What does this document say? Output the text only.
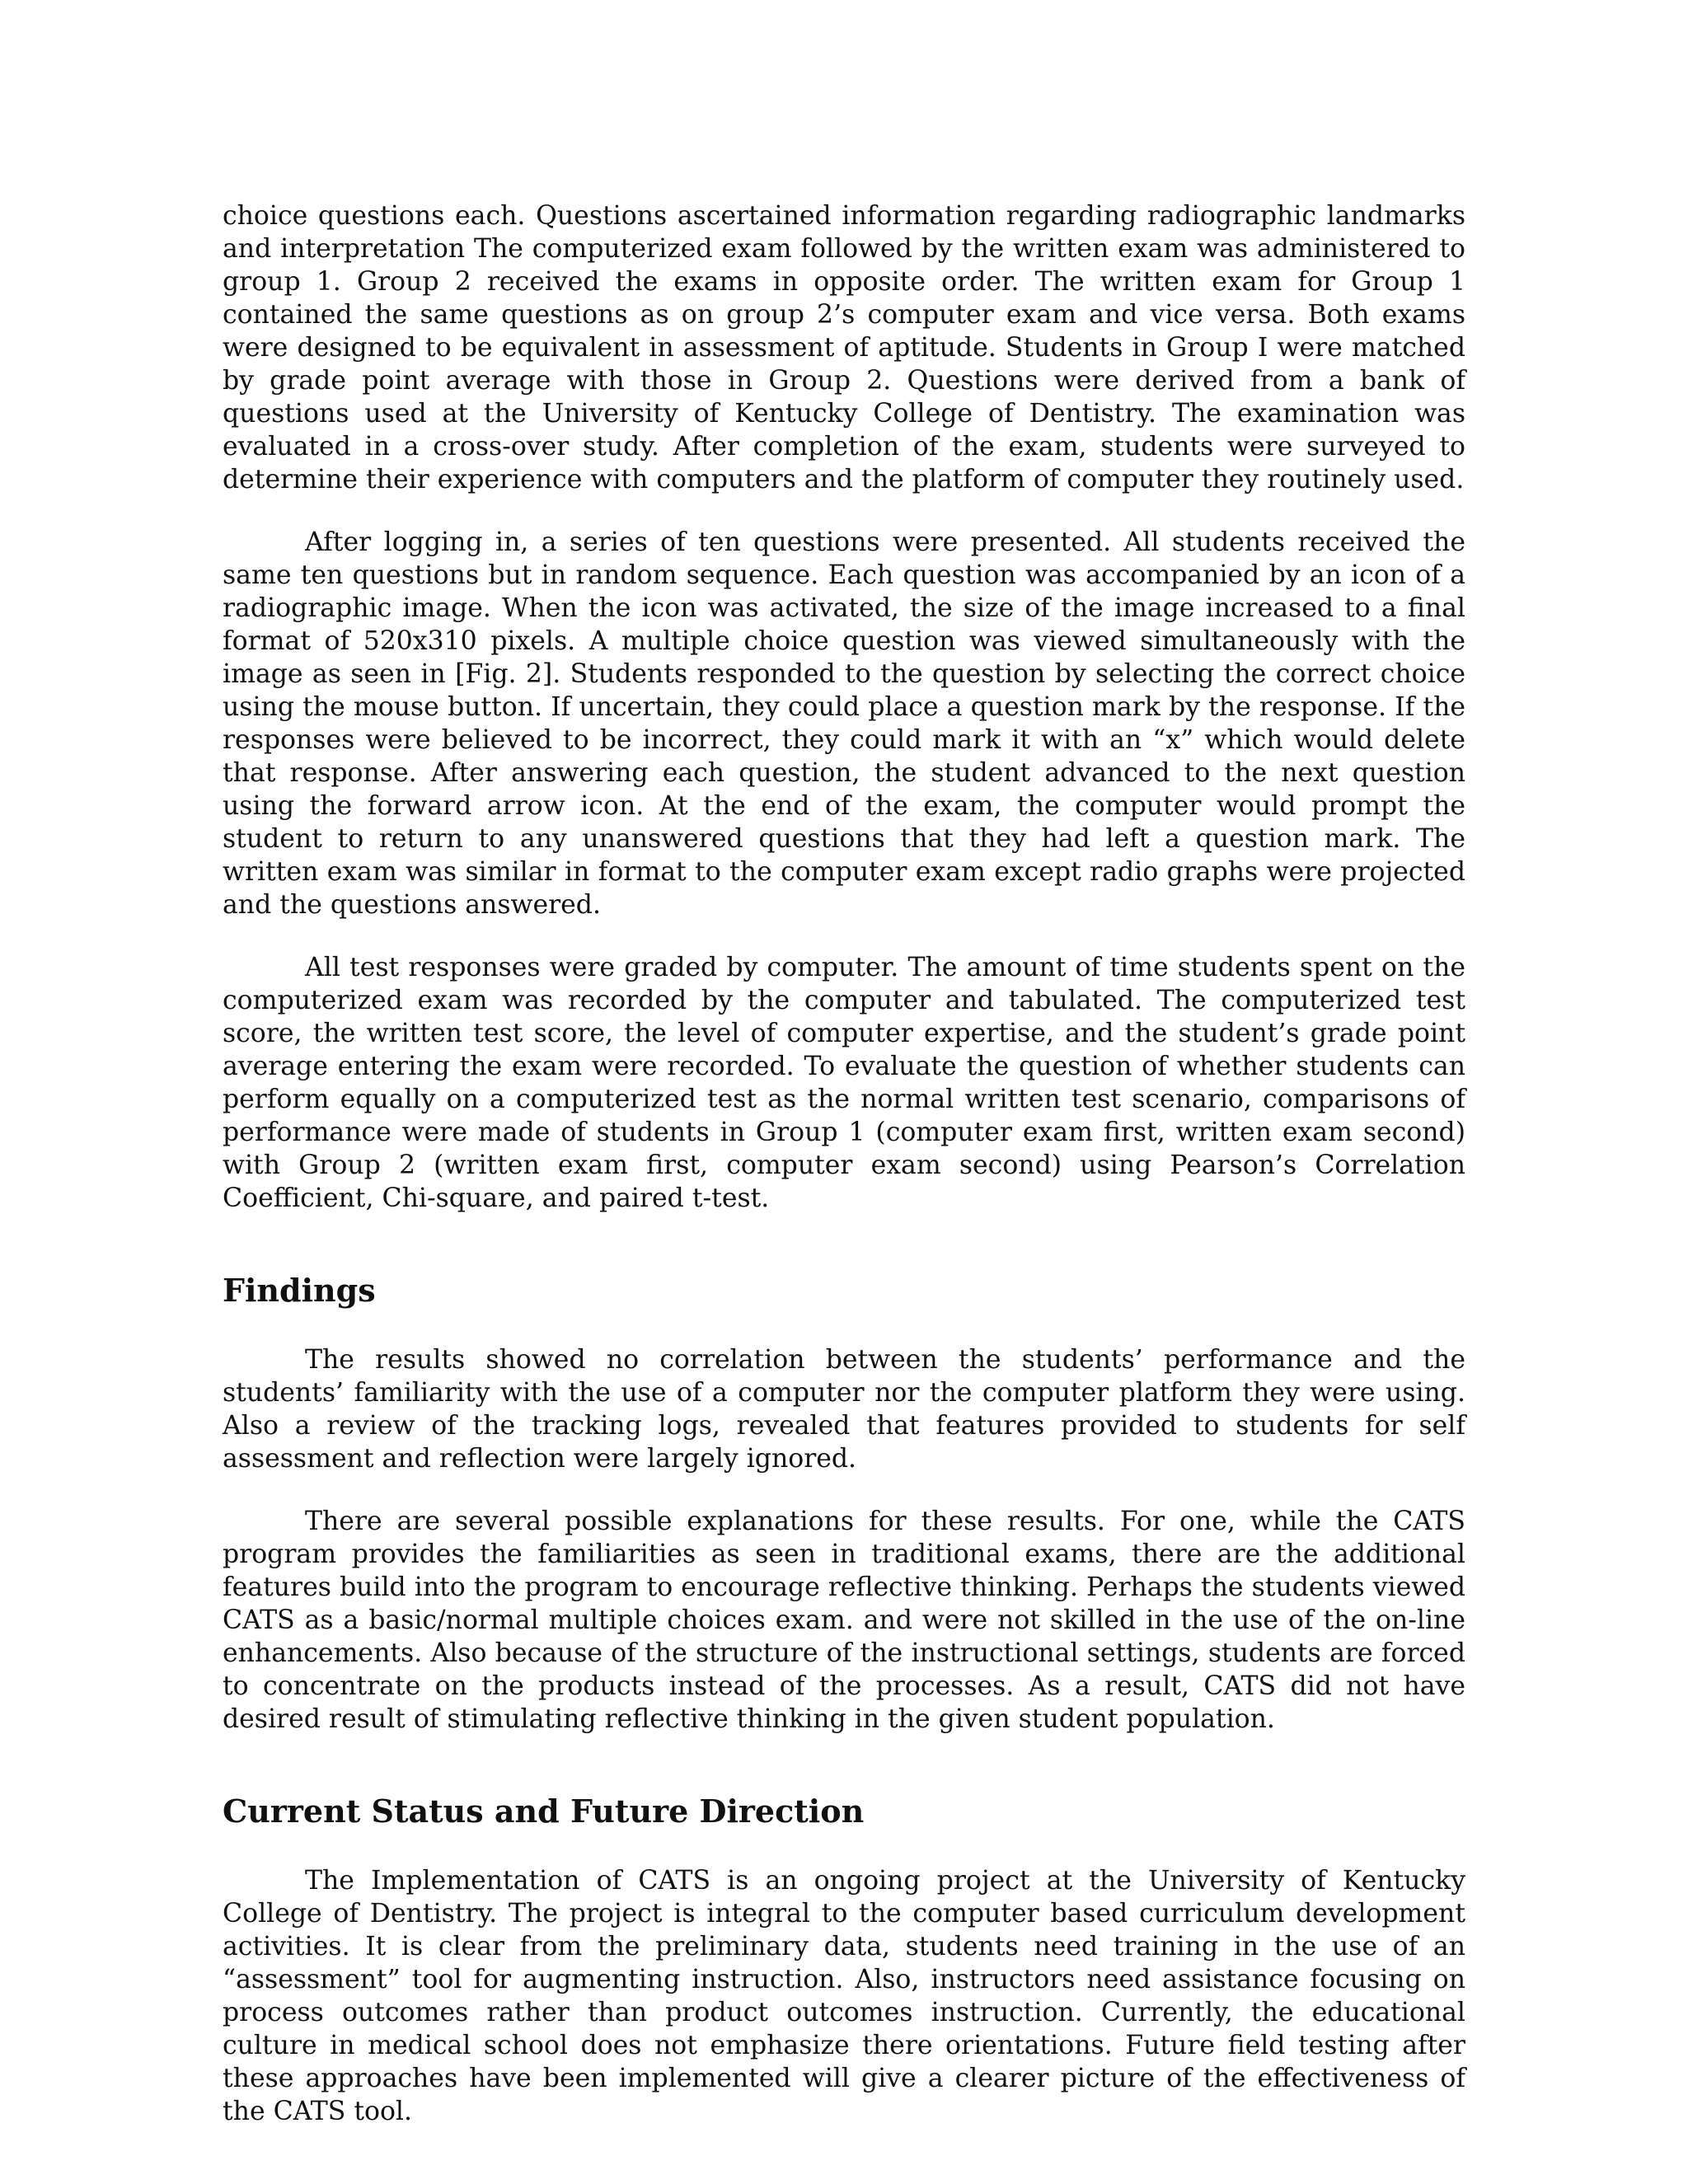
choice questions each. Questions ascertained information regarding radiographic landmarks and interpretation The computerized exam followed by the written exam was administered to group 1. Group 2 received the exams in opposite order. The written exam for Group 1 contained the same questions as on group 2’s computer exam and vice versa. Both exams were designed to be equivalent in assessment of aptitude. Students in Group I were matched by grade point average with those in Group 2. Questions were derived from a bank of questions used at the University of Kentucky College of Dentistry. The examination was evaluated in a cross-over study. After completion of the exam, students were surveyed to determine their experience with computers and the platform of computer they routinely used.

After logging in, a series of ten questions were presented. All students received the same ten questions but in random sequence. Each question was accompanied by an icon of a radiographic image. When the icon was activated, the size of the image increased to a final format of 520x310 pixels. A multiple choice question was viewed simultaneously with the image as seen in [Fig. 2]. Students responded to the question by selecting the correct choice using the mouse button. If uncertain, they could place a question mark by the response. If the responses were believed to be incorrect, they could mark it with an “x” which would delete that response. After answering each question, the student advanced to the next question using the forward arrow icon. At the end of the exam, the computer would prompt the student to return to any unanswered questions that they had left a question mark. The written exam was similar in format to the computer exam except radio graphs were projected and the questions answered.

All test responses were graded by computer. The amount of time students spent on the computerized exam was recorded by the computer and tabulated. The computerized test score, the written test score, the level of computer expertise, and the student’s grade point average entering the exam were recorded. To evaluate the question of whether students can perform equally on a computerized test as the normal written test scenario, comparisons of performance were made of students in Group 1 (computer exam first, written exam second) with Group 2 (written exam first, computer exam second) using Pearson’s Correlation Coefficient, Chi-square, and paired t-test.

Findings

The results showed no correlation between the students’ performance and the students’ familiarity with the use of a computer nor the computer platform they were using. Also a review of the tracking logs, revealed that features provided to students for self assessment and reflection were largely ignored.

There are several possible explanations for these results. For one, while the CATS program provides the familiarities as seen in traditional exams, there are the additional features build into the program to encourage reflective thinking. Perhaps the students viewed CATS as a basic/normal multiple choices exam. and were not skilled in the use of the on-line enhancements. Also because of the structure of the instructional settings, students are forced to concentrate on the products instead of the processes. As a result, CATS did not have desired result of stimulating reflective thinking in the given student population.

Current Status and Future Direction

The Implementation of CATS is an ongoing project at the University of Kentucky College of Dentistry. The project is integral to the computer based curriculum development activities. It is clear from the preliminary data, students need training in the use of an “assessment” tool for augmenting instruction. Also, instructors need assistance focusing on process outcomes rather than product outcomes instruction. Currently, the educational culture in medical school does not emphasize there orientations. Future field testing after these approaches have been implemented will give a clearer picture of the effectiveness of the CATS tool.
